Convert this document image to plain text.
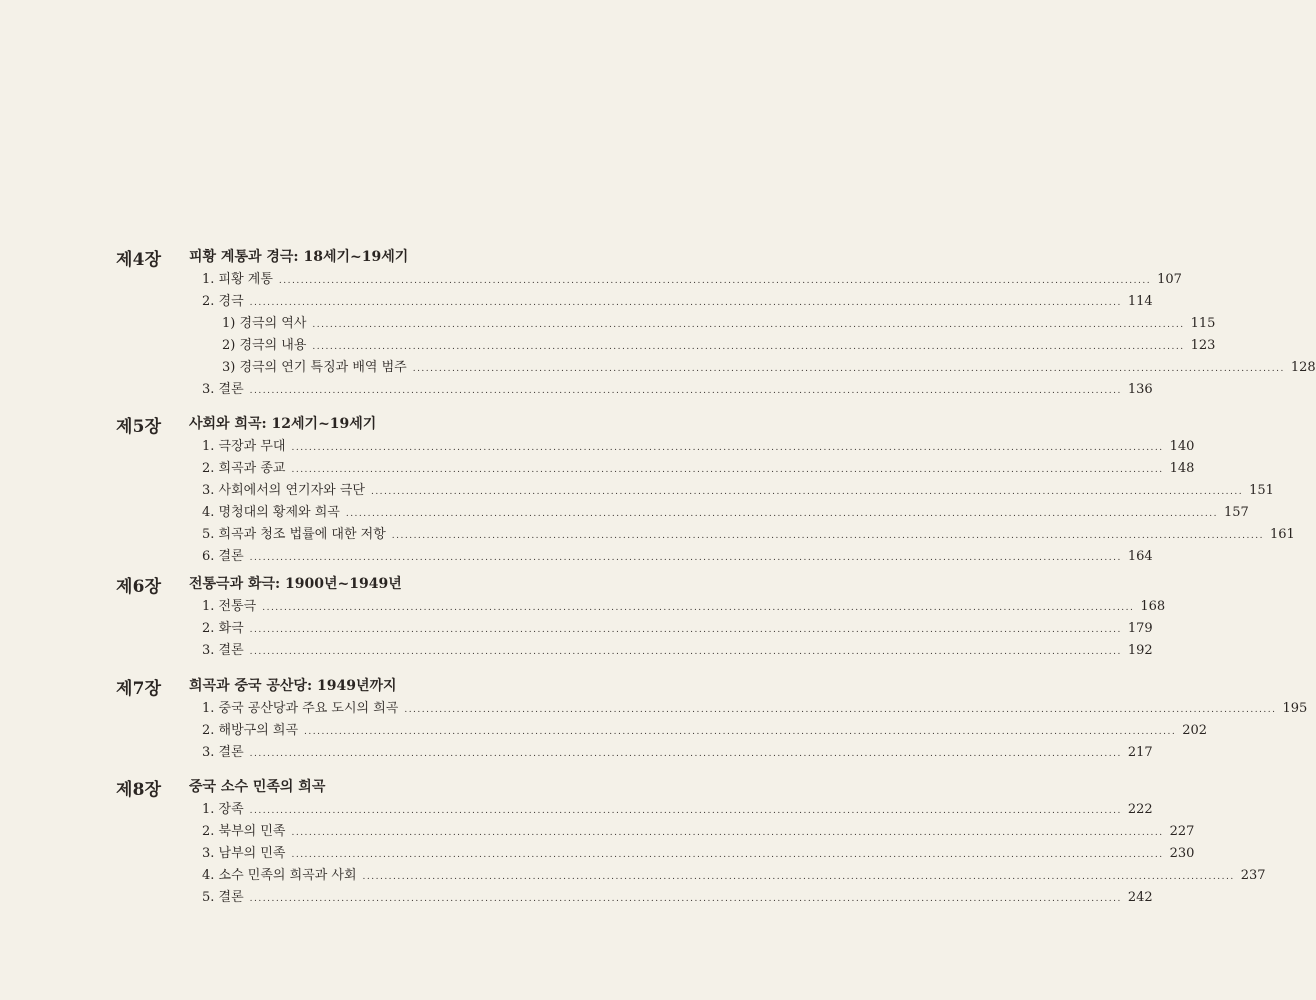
제4장 피황 계통과 경극: 18세기~19세기
1. 피황 계통 ........................................................................................................................................................................................................ 107
2. 경극 ........................................................................................................................................................................................................ 114
1) 경극의 역사 ........................................................................................................................................................................................................ 115
2) 경극의 내용 ........................................................................................................................................................................................................ 123
3) 경극의 연기 특징과 배역 범주 ........................................................................................................................................................................................................ 128
3. 결론 ........................................................................................................................................................................................................ 136
제5장 사회와 희곡: 12세기~19세기
1. 극장과 무대 ........................................................................................................................................................................................................ 140
2. 희곡과 종교 ........................................................................................................................................................................................................ 148
3. 사회에서의 연기자와 극단 ........................................................................................................................................................................................................ 151
4. 명청대의 황제와 희곡 ........................................................................................................................................................................................................ 157
5. 희곡과 청조 법률에 대한 저항 ........................................................................................................................................................................................................ 161
6. 결론 ........................................................................................................................................................................................................ 164
제6장 전통극과 화극: 1900년~1949년
1. 전통극 ........................................................................................................................................................................................................ 168
2. 화극 ........................................................................................................................................................................................................ 179
3. 결론 ........................................................................................................................................................................................................ 192
제7장 희곡과 중국 공산당: 1949년까지
1. 중국 공산당과 주요 도시의 희곡 ........................................................................................................................................................................................................ 195
2. 해방구의 희곡 ........................................................................................................................................................................................................ 202
3. 결론 ........................................................................................................................................................................................................ 217
제8장 중국 소수 민족의 희곡
1. 장족 ........................................................................................................................................................................................................ 222
2. 북부의 민족 ........................................................................................................................................................................................................ 227
3. 남부의 민족 ........................................................................................................................................................................................................ 230
4. 소수 민족의 희곡과 사회 ........................................................................................................................................................................................................ 237
5. 결론 ........................................................................................................................................................................................................ 242
